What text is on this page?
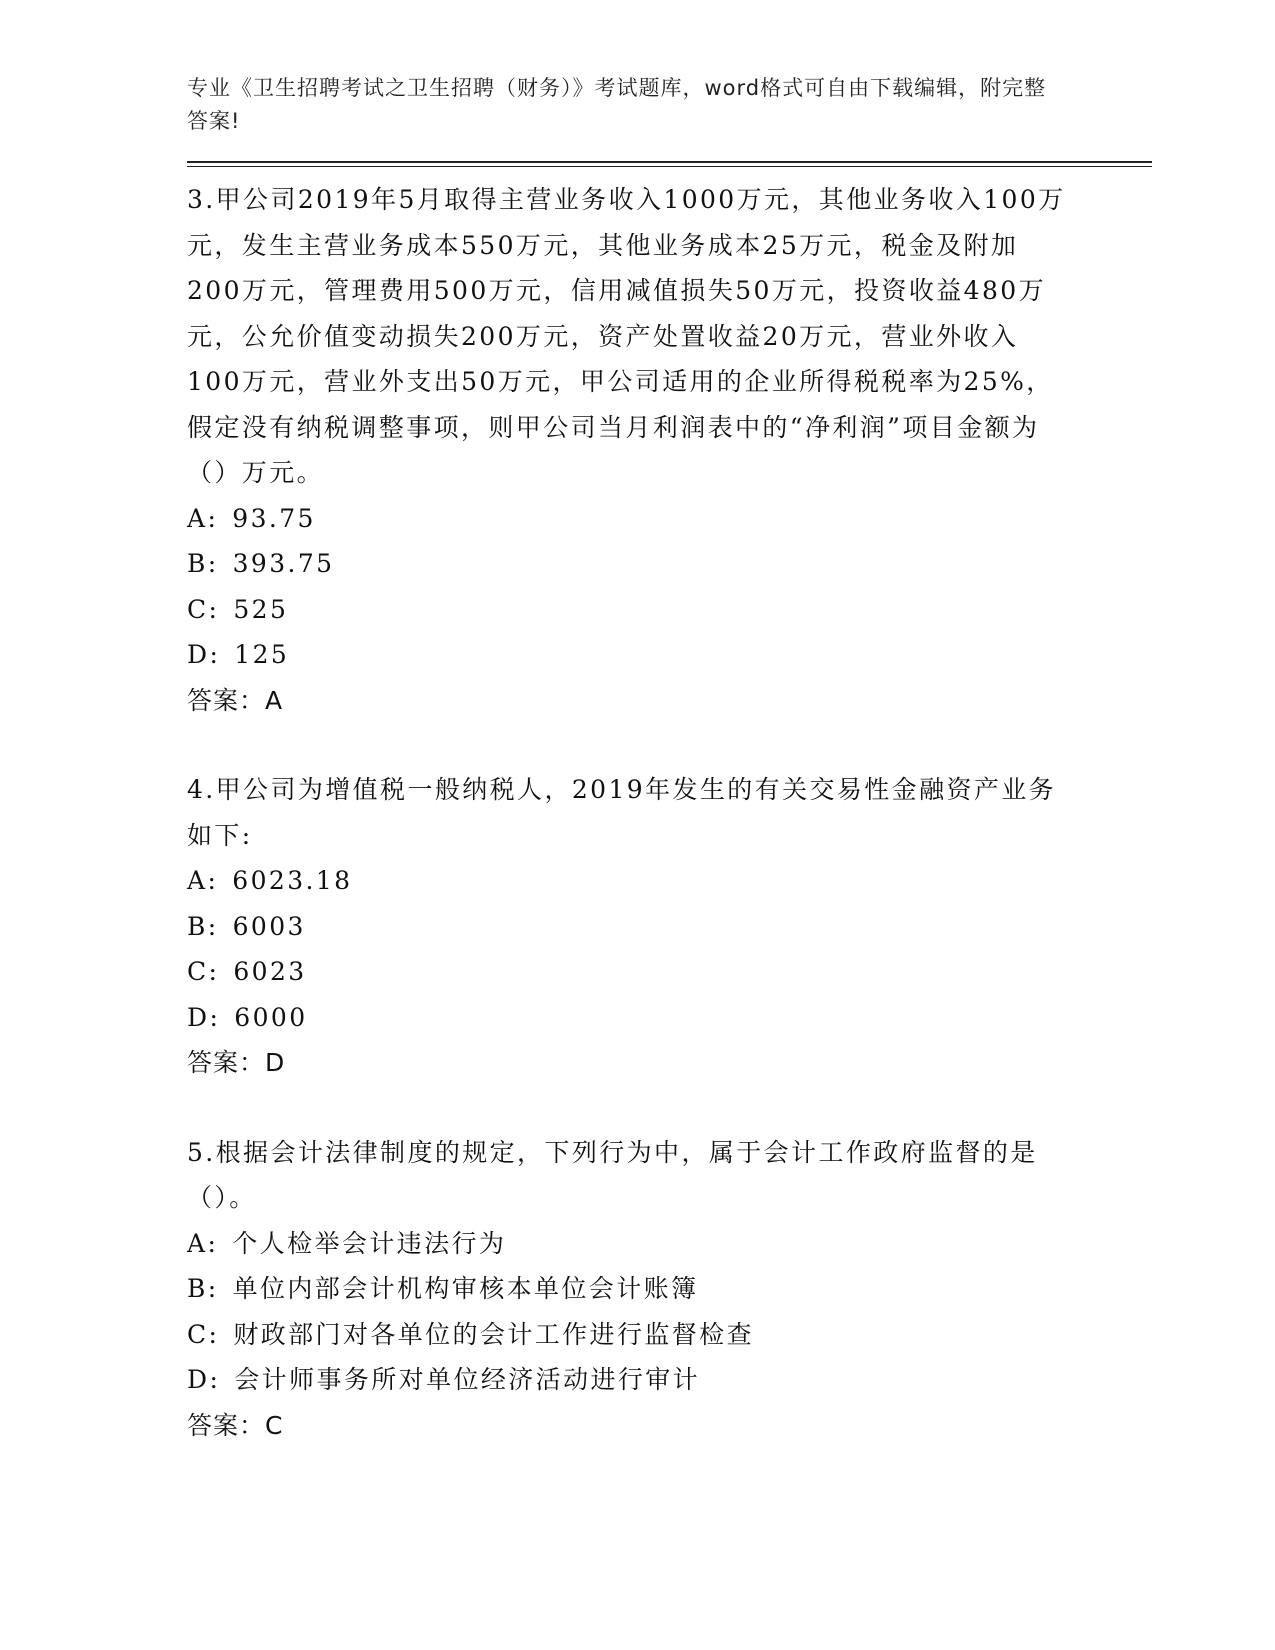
专业《卫生招聘考试之卫生招聘（财务）》考试题库，word格式可自由下载编辑，附完整答案!

3.甲公司2019年5月取得主营业务收入1000万元，其他业务收入100万元，发生主营业务成本550万元，其他业务成本25万元，税金及附加200万元，管理费用500万元，信用减值损失50万元，投资收益480万元，公允价值变动损失200万元，资产处置收益20万元，营业外收入100万元，营业外支出50万元，甲公司适用的企业所得税税率为25%，假定没有纳税调整事项，则甲公司当月利润表中的“净利润”项目金额为（）万元。

A: 93.75

B: 393.75

C: 525

D: 125

答案：A

4.甲公司为增值税一般纳税人，2019年发生的有关交易性金融资产业务如下:

A: 6023.18

B: 6003

C: 6023

D: 6000

答案：D

5.根据会计法律制度的规定，下列行为中，属于会计工作政府监督的是（）。

A: 个人检举会计违法行为

B: 单位内部会计机构审核本单位会计账簿

C: 财政部门对各单位的会计工作进行监督检查

D: 会计师事务所对单位经济活动进行审计

答案：C
